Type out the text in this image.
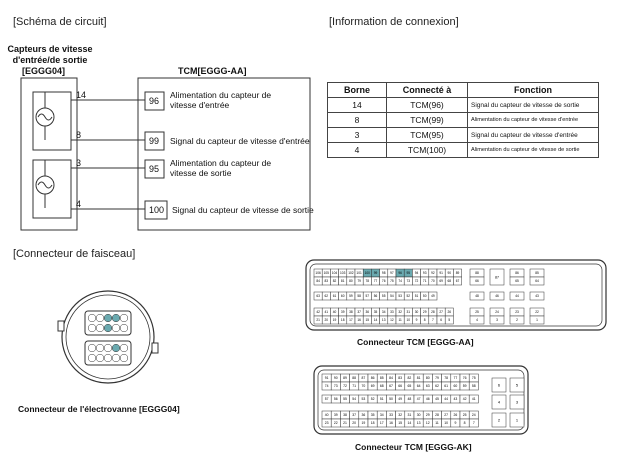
[Schéma de circuit]	[Information de connexion]
[Connecteur de faisceau]
Capteurs de vitesse
d'entrée/de sortie
[EGGG04]	TCM[EGGG-AA]
14
8
3
4
96
Alimentation du capteur de
vitesse d'entrée
99 Signal du capteur de vitesse d'entrée
95
Alimentation du capteur de
vitesse de sortie
100 Signal du capteur de vitesse de sortie
Borne	Connecté à	Fonction
14	TCM(96)	Signal du capteur de vitesse de sortie
8	TCM(99)	Alimentation du capteur de vitesse d'entrée
3	TCM(95)	Signal du capteur de vitesse d'entrée
4	TCM(100)	Alimentation du capteur de vitesse de sortie
Connecteur de l'électrovanne [EGGG04]
106 105 104 103 102 101 100 99 98 97 96 95 94 93 92 91 90 89
84 83 82 81 80 79 78 77 76 75 74 73 72 71 70 69 68 67
63 62 61 60 59 58 57 56 55 54 53 52 51 50 49
42 41 40 39 38 37 36 35 34 33 32 31 30 29 28 27 26
21 20 19 18 17 16 15 14 13 12 11 10 9 8 7 6 5
88
87
86	85
66	65	64
48	46	44	43
25	24	23	22
4	3	2	1
Connecteur TCM [EGGG-AA]
91 90 89 88 87 86 85 84 83 82 81 80 79 78 77 76 75
74 73 72 71 70 69 68 67 66 65 64 63 62 61 60 59 58
57 56 55 54 53 52 51 50 49 48 47 46 45 44 43 42 41
40 39 38 37 36 35 34 33 32 31 30 29 28 27 26 25 24
23 22 21 20 19 18 17 16 15 14 13 12 11 10 9 8 7
6	5
4	3
2	1
Connecteur TCM [EGGG-AK]
